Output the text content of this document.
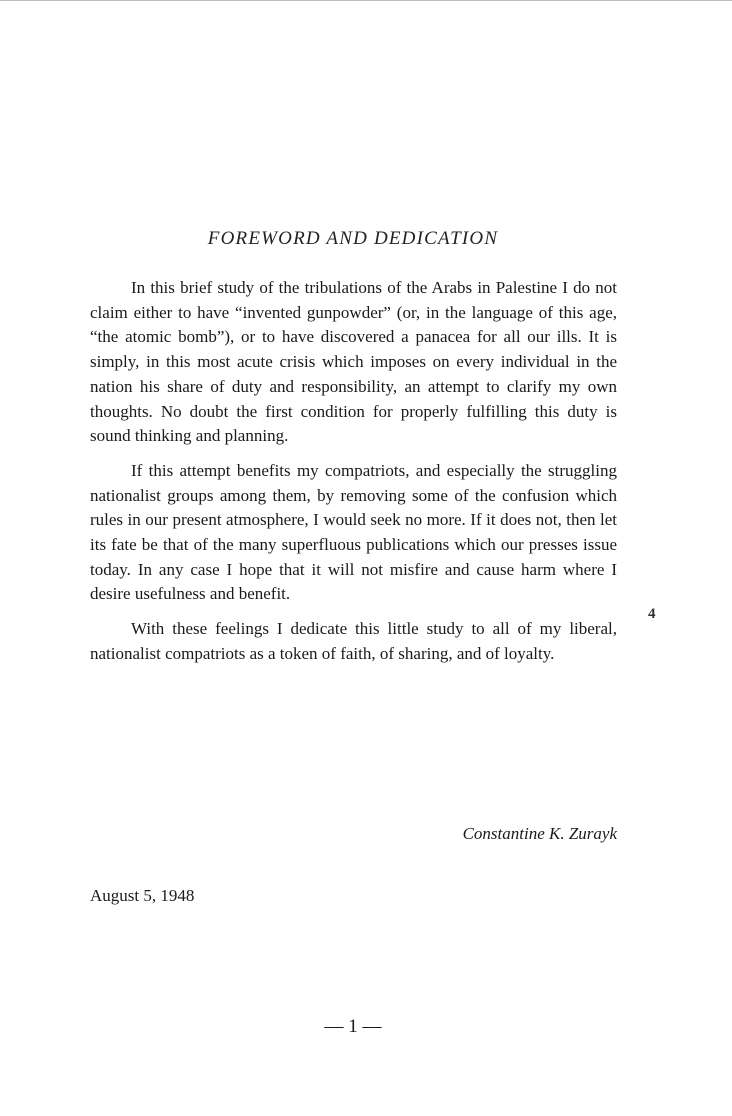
FOREWORD AND DEDICATION

In this brief study of the tribulations of the Arabs in Palestine I do not claim either to have “invented gunpowder” (or, in the language of this age, “the atomic bomb”), or to have discovered a panacea for all our ills. It is simply, in this most acute crisis which imposes on every individual in the nation his share of duty and responsibility, an attempt to clarify my own thoughts. No doubt the first condition for properly fulfilling this duty is sound thinking and planning.

If this attempt benefits my compatriots, and especially the struggling nationalist groups among them, by removing some of the confusion which rules in our present atmosphere, I would seek no more. If it does not, then let its fate be that of the many superfluous publications which our presses issue today. In any case I hope that it will not misfire and cause harm where I desire usefulness and benefit.

With these feelings I dedicate this little study to all of my liberal, nationalist compatriots as a token of faith, of sharing, and of loyalty.

Constantine K. Zurayk
August 5, 1948
4
— 1 —
